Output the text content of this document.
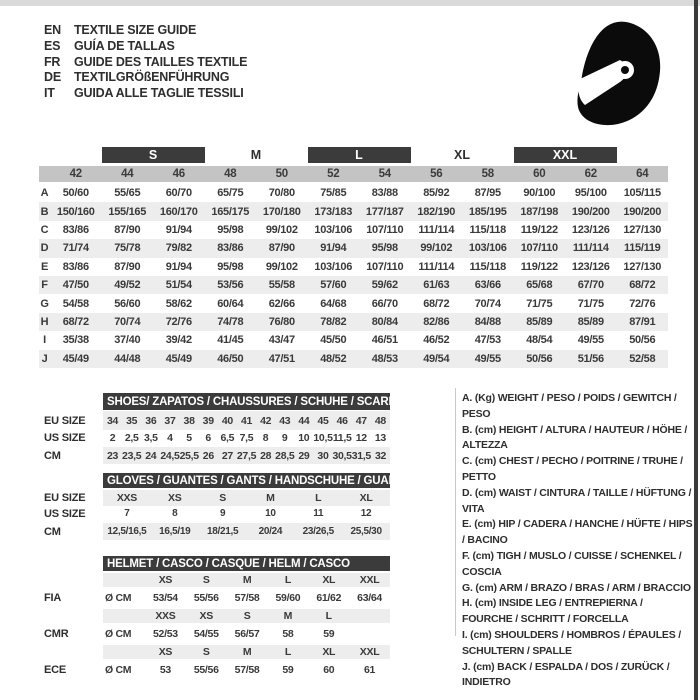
EN	TEXTILE SIZE GUIDE
ES	GUÍA DE TALLAS
FR	GUIDE DES TAILLES TEXTILE
DE	TEXTILGRÖßENFÜHRUNG
IT	GUIDA ALLE TAGLIE TESSILI
S	M	L	XL	XXL
42	44	46	48	50	52	54	56	58	60	62	64
A	50/60	55/65	60/70	65/75	70/80	75/85	83/88	85/92	87/95	90/100	95/100	105/115
B 150/160	155/165	160/170	165/175	170/180	173/183	177/187	182/190	185/195	187/198	190/200	190/200
C	83/86	87/90	91/94	95/98	99/102	103/106	107/110	111/114	115/118	119/122	123/126	127/130
D	71/74	75/78	79/82	83/86	87/90	91/94	95/98	99/102	103/106	107/110	111/114	115/119
E	83/86	87/90	91/94	95/98	99/102	103/106	107/110	111/114	115/118	119/122	123/126	127/130
F	47/50	49/52	51/54	53/56	55/58	57/60	59/62	61/63	63/66	65/68	67/70	68/72
G	54/58	56/60	58/62	60/64	62/66	64/68	66/70	68/72	70/74	71/75	71/75	72/76
H	68/72	70/74	72/76	74/78	76/80	78/82	80/84	82/86	84/88	85/89	85/89	87/91
I	35/38	37/40	39/42	41/45	43/47	45/50	46/51	46/52	47/53	48/54	49/55	50/56
J	45/49	44/48	45/49	46/50	47/51	48/52	48/53	49/54	49/55	50/56	51/56	52/58
SHOES/ ZAPATOS / CHAUSSURES / SCHUHE / SCARPE
EU SIZE	34 35 36 37 38 39 40 41 42 43 44 45 46 47 48
US SIZE	2 2,5 3,5 4	5	6 6,5 7,5 8	9	10 10,5 11,5 12 13
CM	23 23,5 24 24,5 25,5 26 27 27,5 28 28,5 29 30 30,5 31,5 32
GLOVES / GUANTES / GANTS / HANDSCHUHE / GUANTI
EU SIZE	XXS	XS	S	M	L	XL
US SIZE	7	8	9	10	11	12
CM	12,5/16,5	16,5/19	18/21,5	20/24	23/26,5	25,5/30
HELMET / CASCO / CASQUE / HELM / CASCO
XS	S	M	L	XL	XXL
FIA	Ø CM	53/54	55/56	57/58	59/60	61/62	63/64
XXS	XS	S	M	L
CMR	Ø CM	52/53	54/55	56/57	58	59
XS	S	M	L	XL	XXL
ECE	Ø CM	53	55/56	57/58	59	60	61
A. (Kg) WEIGHT / PESO / POIDS / GEWITCH / PESO
B. (cm) HEIGHT / ALTURA / HAUTEUR / HÖHE / ALTEZZA
C. (cm) CHEST / PECHO / POITRINE / TRUHE / PETTO
D. (cm) WAIST / CINTURA / TAILLE / HÜFTUNG / VITA
E. (cm) HIP / CADERA / HANCHE / HÜFTE / HIPS / BACINO
F. (cm) TIGH / MUSLO / CUISSE / SCHENKEL / COSCIA
G. (cm) ARM / BRAZO / BRAS / ARM / BRACCIO
H. (cm) INSIDE LEG / ENTREPIERNA / FOURCHE / SCHRITT / FORCELLA
I. (cm) SHOULDERS / HOMBROS / ÉPAULES / SCHULTERN / SPALLE
J. (cm) BACK / ESPALDA / DOS / ZURÜCK / INDIETRO
